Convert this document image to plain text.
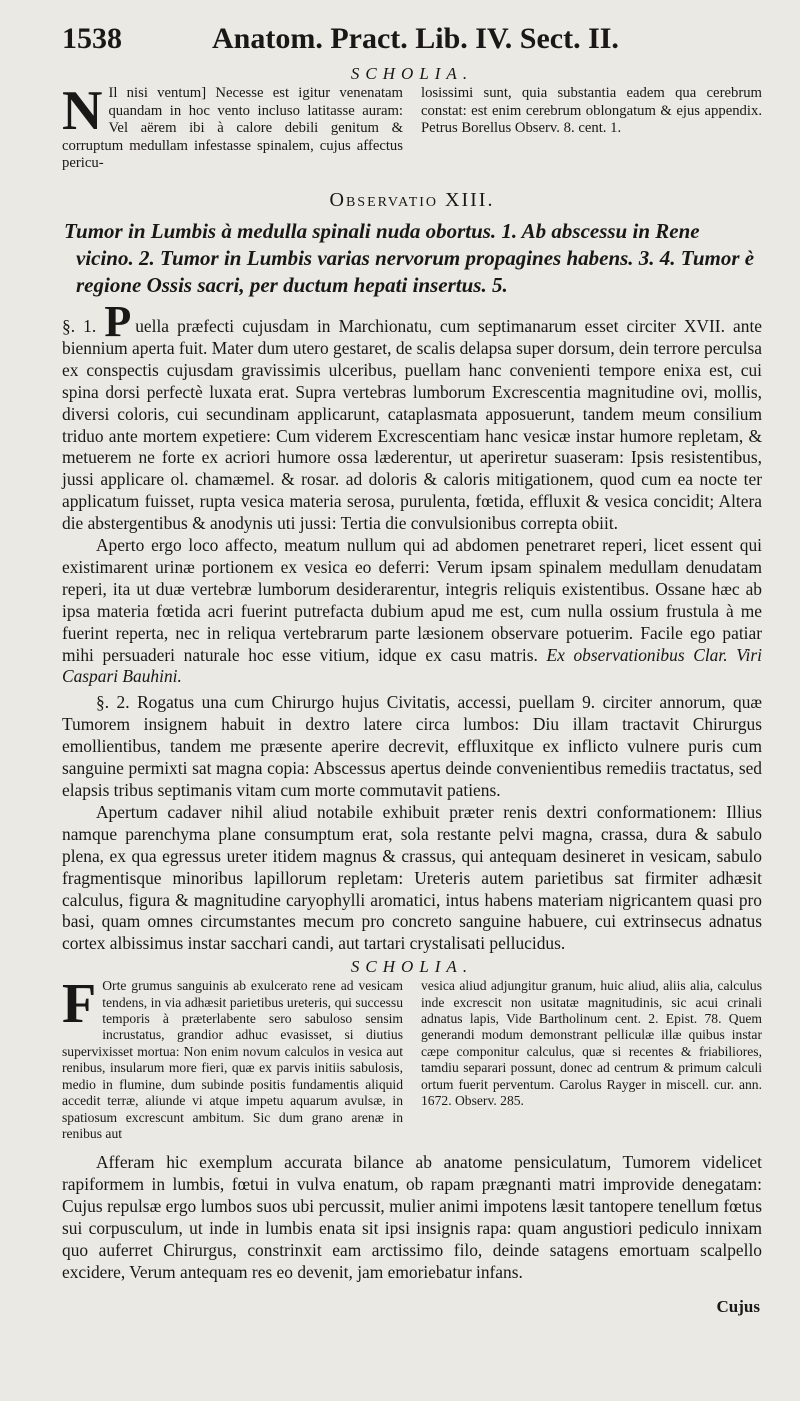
1538	Anatom. Pract. Lib. IV. Sect. II.
SCHOLIA.
N Il nisi ventum] Necesse est igitur venenatam quandam in hoc vento incluso latitasse auram: Vel aërem ibi à calore debili genitum & corruptum medullam infestasse spinalem, cujus affectus pericu-
losissimi sunt, quia substantia eadem qua cerebrum constat: est enim cerebrum oblongatum & ejus appendix. Petrus Borellus Observ. 8. cent. 1.
Observatio XIII.
Tumor in Lumbis à medulla spinali nuda obortus. 1. Ab abscessu in Rene vicino. 2. Tumor in Lumbis varias nervorum propagines habens. 3. 4. Tumor è regione Ossis sacri, per ductum hepati insertus. 5.

§. 1. P uella præfecti cujusdam in Marchionatu, cum septimanarum esset circiter XVII. ante biennium aperta fuit. Mater dum utero gestaret, de scalis delapsa super dorsum, dein terrore perculsa ex conspectis cujusdam gravissimis ulceribus, puellam hanc convenienti tempore enixa est, cui spina dorsi perfectè luxata erat. Supra vertebras lumborum Excrescentia magnitudine ovi, mollis, diversi coloris, cui secundinam applicarunt, cataplasmata apposuerunt, tandem meum consilium triduo ante mortem expetiere: Cum viderem Excrescentiam hanc vesicæ instar humore repletam, & metuerem ne forte ex acriori humore ossa læderentur, ut aperiretur suaseram: Ipsis resistentibus, jussi applicare ol. chamæmel. & rosar. ad doloris & caloris mitigationem, quod cum ea nocte ter applicatum fuisset, rupta vesica materia serosa, purulenta, fœtida, effluxit & vesica concidit; Altera die abstergentibus & anodynis uti jussi: Tertia die convulsionibus correpta obiit.

Aperto ergo loco affecto, meatum nullum qui ad abdomen penetraret reperi, licet essent qui existimarent urinæ portionem ex vesica eo deferri: Verum ipsam spinalem medullam denudatam reperi, ita ut duæ vertebræ lumborum desiderarentur, integris reliquis existentibus. Ossane hæc ab ipsa materia fœtida acri fuerint putrefacta dubium apud me est, cum nulla ossium frustula à me fuerint reperta, nec in reliqua vertebrarum parte læsionem observare potuerim. Facile ego patiar mihi persuaderi naturale hoc esse vitium, idque ex casu matris. Ex observationibus Clar. Viri Caspari Bauhini.

§. 2. Rogatus una cum Chirurgo hujus Civitatis, accessi, puellam 9. circiter annorum, quæ Tumorem insignem habuit in dextro latere circa lumbos: Diu illam tractavit Chirurgus emollientibus, tandem me præsente aperire decrevit, effluxitque ex inflicto vulnere puris cum sanguine permixti sat magna copia: Abscessus apertus deinde convenientibus remediis tractatus, sed elapsis tribus septimanis vitam cum morte commutavit patiens.

Apertum cadaver nihil aliud notabile exhibuit præter renis dextri conformationem: Illius namque parenchyma plane consumptum erat, sola restante pelvi magna, crassa, dura & sabulo plena, ex qua egressus ureter itidem magnus & crassus, qui antequam desineret in vesicam, sabulo fragmentisque minoribus lapillorum repletam: Ureteris autem parietibus sat firmiter adhæsit calculus, figura & magnitudine caryophylli aromatici, intus habens materiam nigricantem quasi pro basi, quam omnes circumstantes mecum pro concreto sanguine habuere, cui extrinsecus adnatus cortex albissimus instar sacchari candi, aut tartari crystalisati pellucidus.

SCHOLIA.
F Orte grumus sanguinis ab exulcerato rene ad vesicam tendens, in via adhæsit parietibus ureteris, qui successu temporis à præterlabente sero sabuloso sensim incrustatus, grandior adhuc evasisset, si diutius supervixisset mortua: Non enim novum calculos in vesica aut renibus, insularum more fieri, quæ ex parvis initiis sabulosis, medio in flumine, dum subinde positis fundamentis aliquid accedit terræ, aliunde vi atque impetu aquarum avulsæ, in spatiosum excrescunt ambitum. Sic dum grano arenæ in renibus aut
vesica aliud adjungitur granum, huic aliud, aliis alia, calculus inde excrescit non usitatæ magnitudinis, sic acui crinali adnatus lapis, Vide Bartholinum cent. 2. Epist. 78. Quem generandi modum demonstrant pelliculæ illæ quibus instar cæpe componitur calculus, quæ si recentes & friabiliores, tamdiu separari possunt, donec ad centrum & primum calculi ortum fuerit perventum. Carolus Rayger in miscell. cur. ann. 1672. Observ. 285.

Afferam hic exemplum accurata bilance ab anatome pensiculatum, Tumorem videlicet rapiformem in lumbis, fœtui in vulva enatum, ob rapam prægnanti matri improvide denegatam: Cujus repulsæ ergo lumbos suos ubi percussit, mulier animi impotens læsit tantopere tenellum fœtus sui corpusculum, ut inde in lumbis enata sit ipsi insignis rapa: quam angustiori pediculo innixam quo auferret Chirurgus, constrinxit eam arctissimo filo, deinde satagens emortuam scalpello excidere, Verum antequam res eo devenit, jam emoriebatur infans.

Cujus
